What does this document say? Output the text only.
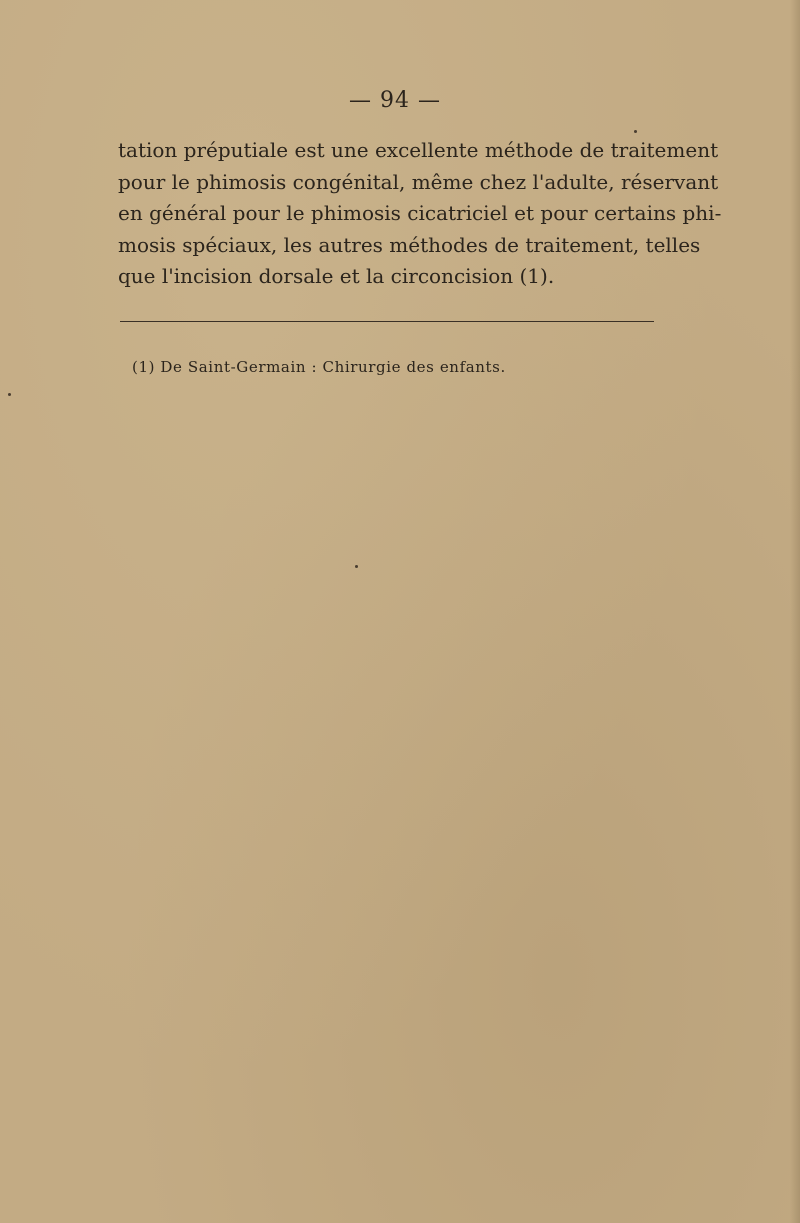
— 94 —
tation préputiale est une excellente méthode de traitement
pour le phimosis congénital, même chez l'adulte, réservant
en général pour le phimosis cicatriciel et pour certains phi-
mosis spéciaux, les autres méthodes de traitement, telles
que l'incision dorsale et la circoncision (1).
(1) De Saint-Germain : Chirurgie des enfants.
